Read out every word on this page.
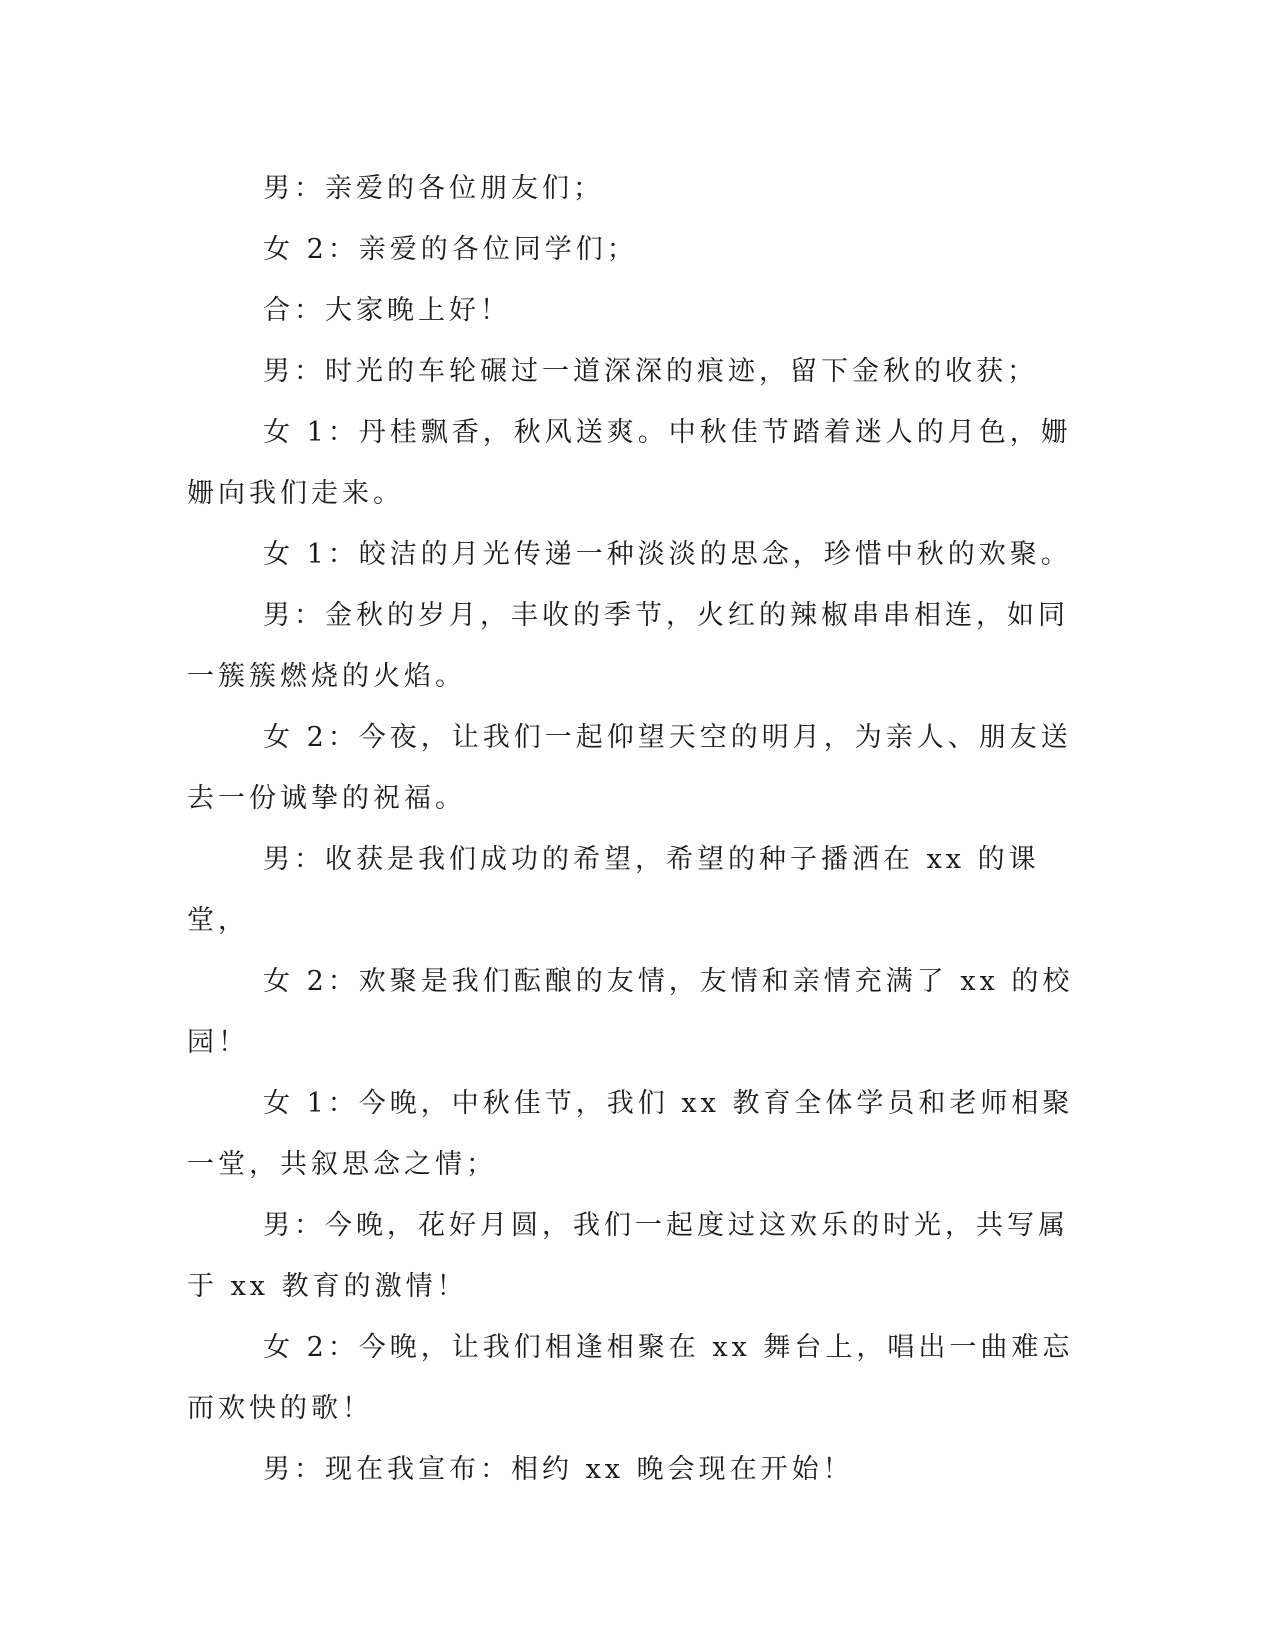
男：亲爱的各位朋友们；

女 2：亲爱的各位同学们；

合：大家晚上好！

男：时光的车轮碾过一道深深的痕迹，留下金秋的收获；

女 1：丹桂飘香，秋风送爽。中秋佳节踏着迷人的月色，姗姗向我们走来。

女 1：皎洁的月光传递一种淡淡的思念，珍惜中秋的欢聚。

男：金秋的岁月，丰收的季节，火红的辣椒串串相连，如同一簇簇燃烧的火焰。

女 2：今夜，让我们一起仰望天空的明月，为亲人、朋友送去一份诚挚的祝福。

男：收获是我们成功的希望，希望的种子播洒在 xx 的课堂，

女 2：欢聚是我们酝酿的友情，友情和亲情充满了 xx 的校园！

女 1：今晚，中秋佳节，我们 xx 教育全体学员和老师相聚一堂，共叙思念之情；

男：今晚，花好月圆，我们一起度过这欢乐的时光，共写属于 xx 教育的激情！

女 2：今晚，让我们相逢相聚在 xx 舞台上，唱出一曲难忘而欢快的歌！

男：现在我宣布：相约 xx 晚会现在开始！
